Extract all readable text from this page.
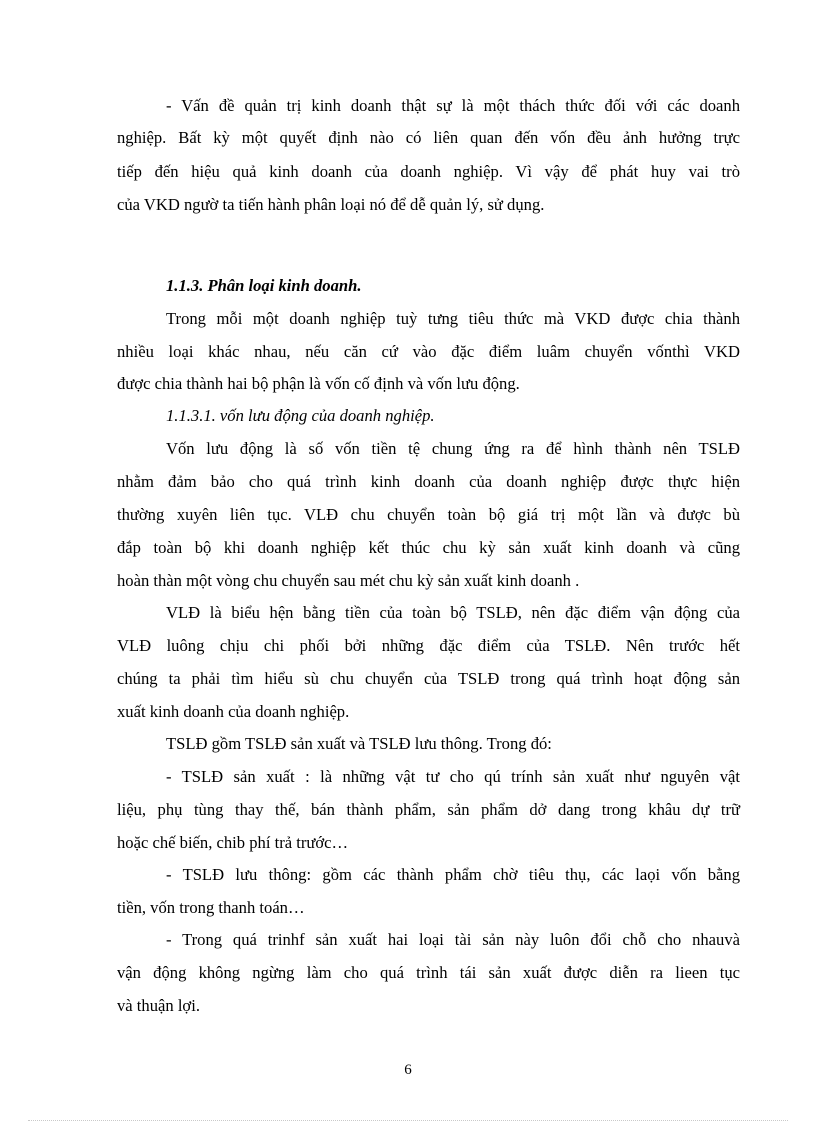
- Vấn đề quản trị kinh doanh thật sự là một thách thức đối với các doanh
nghiệp. Bất kỳ một quyết định nào có liên quan đến vốn đều ảnh hưởng trực
tiếp đến hiệu quả kinh doanh của doanh nghiệp. Vì vậy để phát huy vai trò
của VKD ngườ ta tiến hành phân loại nó để dễ quản lý, sử dụng.
1.1.3. Phân loại kinh doanh.
Trong mỗi một doanh nghiệp tuỳ tưng tiêu thức mà VKD được chia thành
nhiều loại khác nhau, nếu căn cứ vào đặc điểm luâm chuyển vốnthì VKD
được chia thành hai bộ phận là vốn cố định và vốn lưu động.
1.1.3.1. vốn lưu động của doanh nghiệp.
Vốn lưu động là số vốn tiền tệ chung ứng ra để hình thành nên TSLĐ
nhằm đảm bảo cho quá trình kinh doanh của doanh nghiệp được thực hiện
thường xuyên liên tục. VLĐ chu chuyển toàn bộ giá trị một lần và được bù
đắp toàn bộ khi doanh nghiệp kết thúc chu kỳ sản xuất kinh doanh và cũng
hoàn thàn một vòng chu chuyển sau mét chu kỳ sản xuất kinh doanh .
VLĐ là biểu hện bằng tiền của toàn bộ TSLĐ, nên đặc điểm vận động của
VLĐ luông chịu chi phối bởi những đặc điểm của TSLĐ. Nên trước hết
chúng ta phải tìm hiểu sù chu chuyển của TSLĐ trong quá trình hoạt động sản
xuất kinh doanh của doanh nghiệp.
TSLĐ gồm TSLĐ sản xuất và TSLĐ lưu thông. Trong đó:
- TSLĐ sản xuất : là những vật tư cho qú trính sản xuất như nguyên vật
liệu, phụ tùng thay thế, bán thành phẩm, sản phẩm dở dang trong khâu dự trữ
hoặc chế biến, chib phí trả trước…
- TSLĐ lưu thông: gồm các thành phẩm chờ tiêu thụ, các laọi vốn bằng
tiền, vốn trong thanh toán…
- Trong quá trinhf sản xuất hai loại tài sản này luôn đổi chỗ cho nhauvà
vận động không ngừng làm cho quá trình tái sản xuất được diễn ra lieen tục
và thuận lợi.
6
